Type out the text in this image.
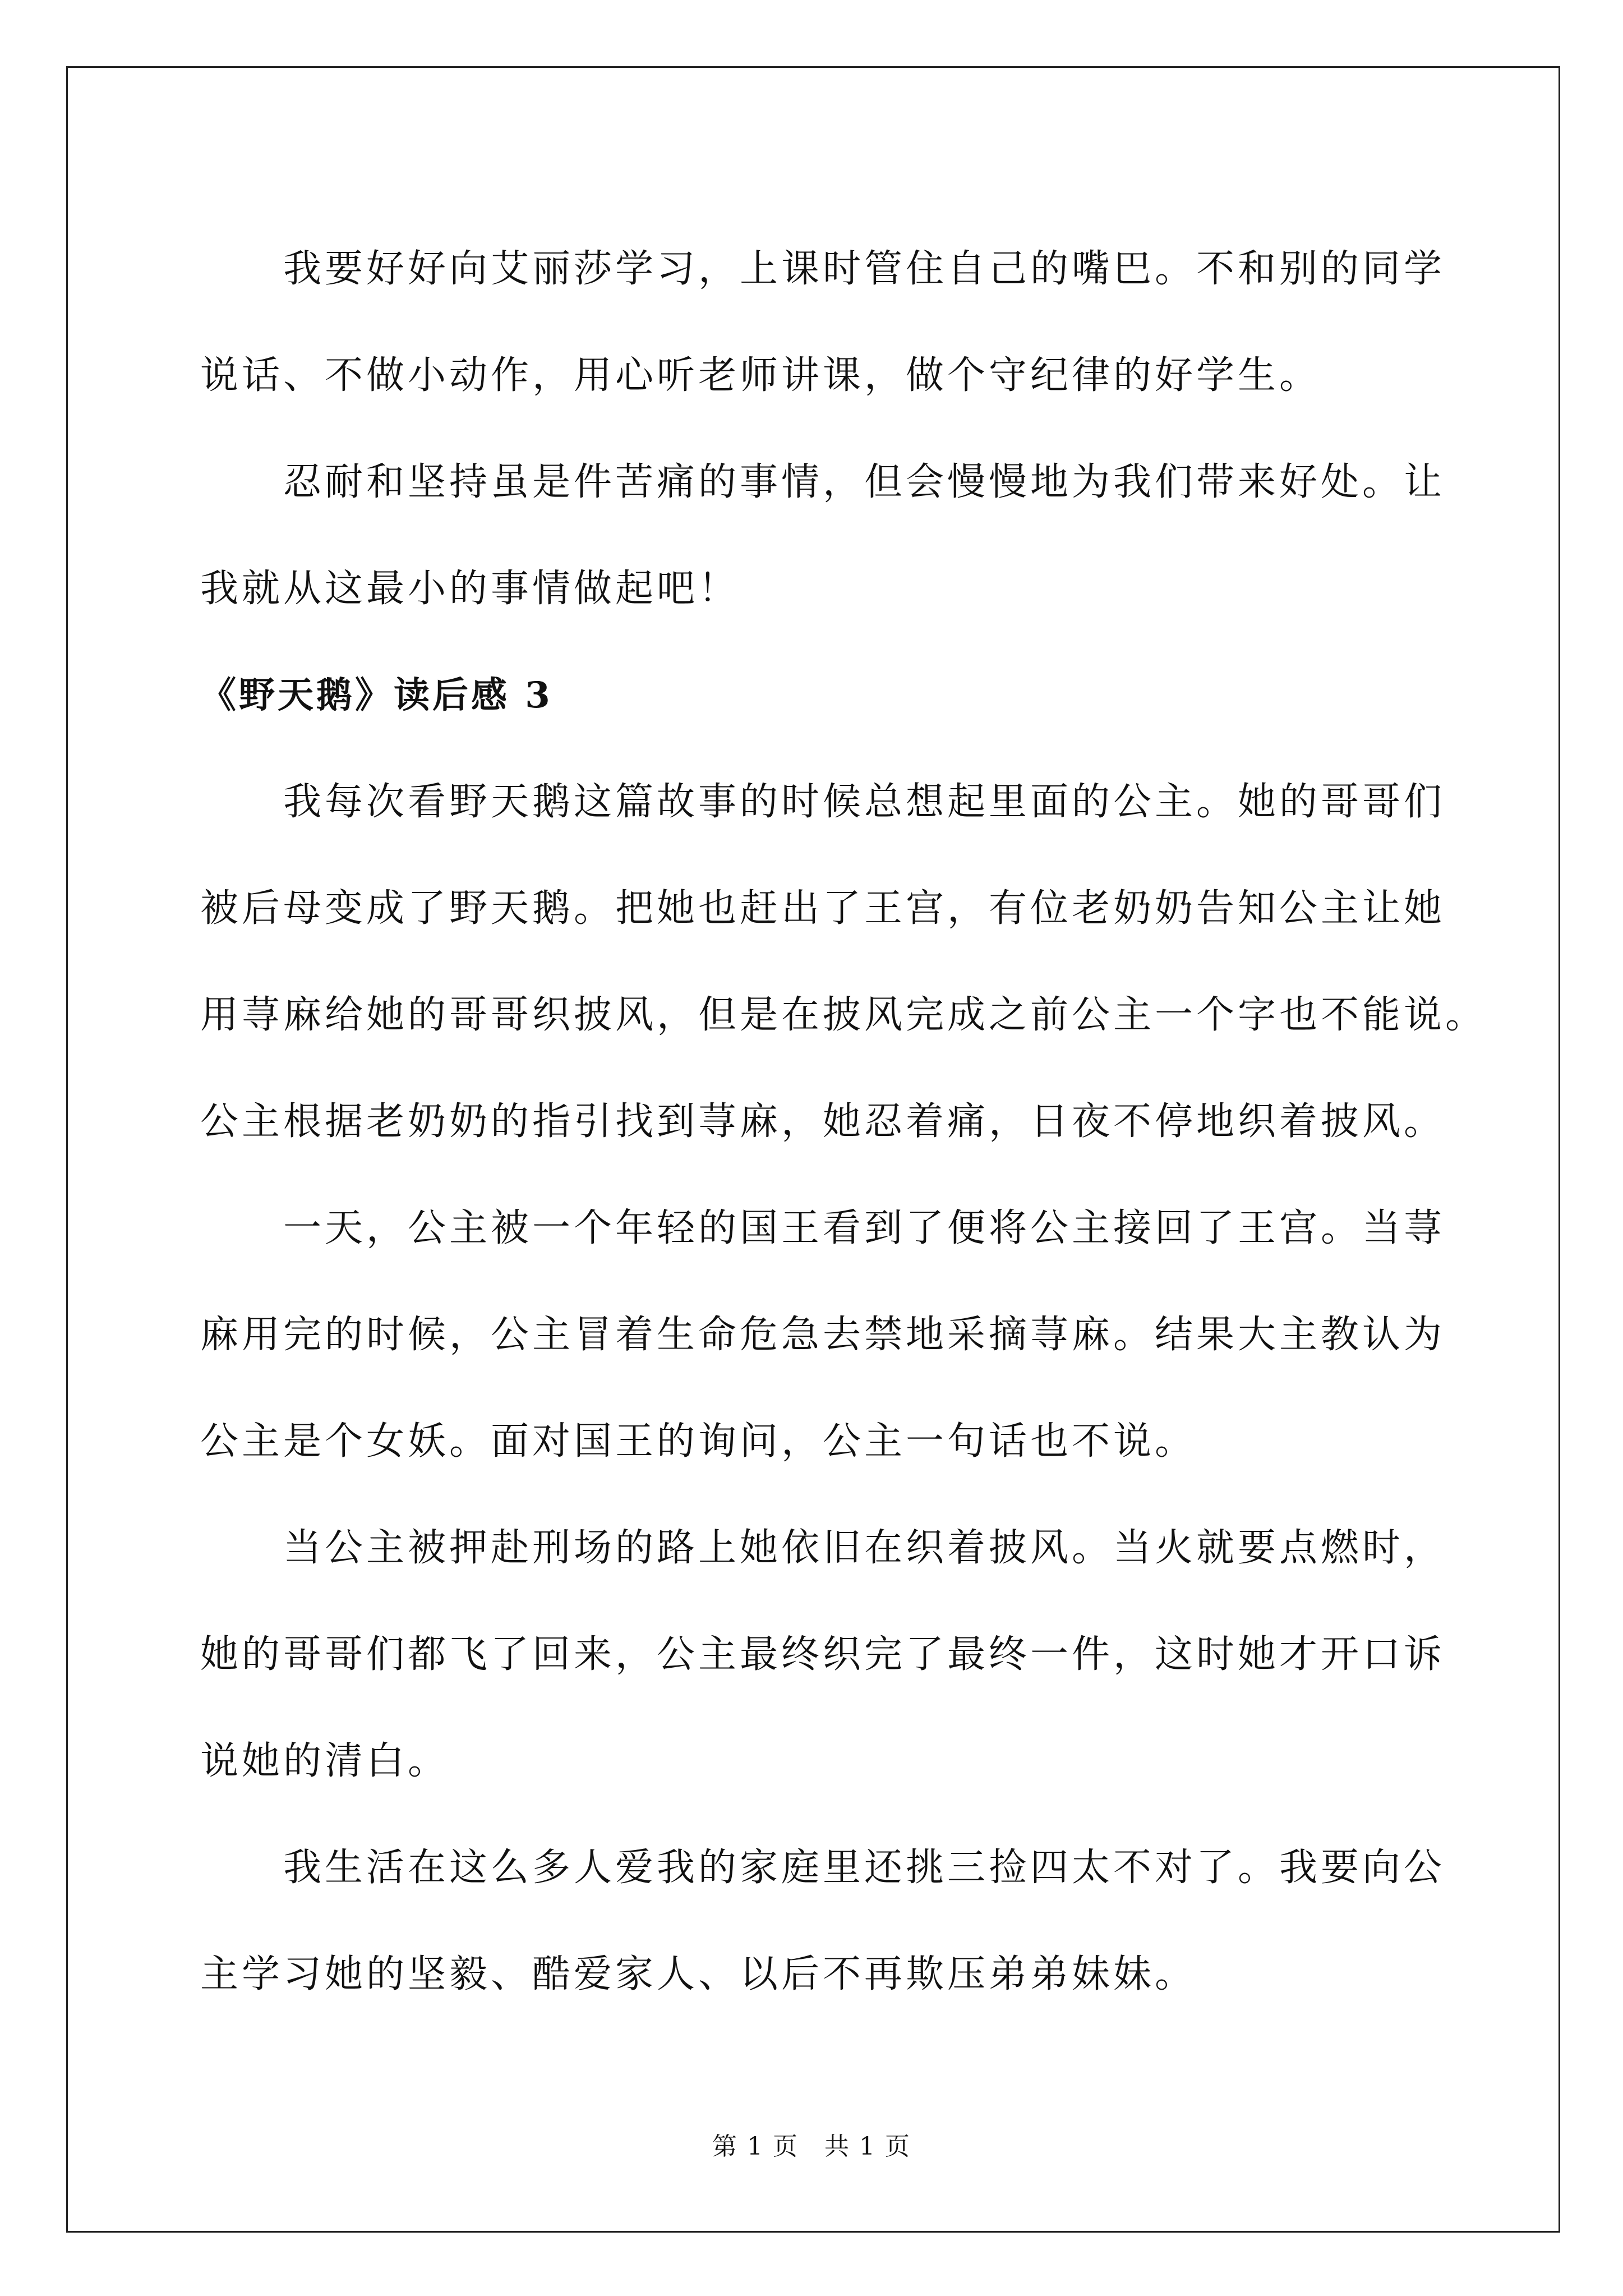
我要好好向艾丽莎学习，上课时管住自己的嘴巴。不和别的同学
说话、不做小动作，用心听老师讲课，做个守纪律的好学生。

忍耐和坚持虽是件苦痛的事情，但会慢慢地为我们带来好处。让
我就从这最小的事情做起吧！

《野天鹅》读后感 3

我每次看野天鹅这篇故事的时候总想起里面的公主。她的哥哥们
被后母变成了野天鹅。把她也赶出了王宫，有位老奶奶告知公主让她
用荨麻给她的哥哥织披风，但是在披风完成之前公主一个字也不能说。
公主根据老奶奶的指引找到荨麻，她忍着痛，日夜不停地织着披风。

一天，公主被一个年轻的国王看到了便将公主接回了王宫。当荨
麻用完的时候，公主冒着生命危急去禁地采摘荨麻。结果大主教认为
公主是个女妖。面对国王的询问，公主一句话也不说。

当公主被押赴刑场的路上她依旧在织着披风。当火就要点燃时，
她的哥哥们都飞了回来，公主最终织完了最终一件，这时她才开口诉
说她的清白。

我生活在这么多人爱我的家庭里还挑三捡四太不对了。我要向公
主学习她的坚毅、酷爱家人、以后不再欺压弟弟妹妹。

第 1 页　共 1 页
